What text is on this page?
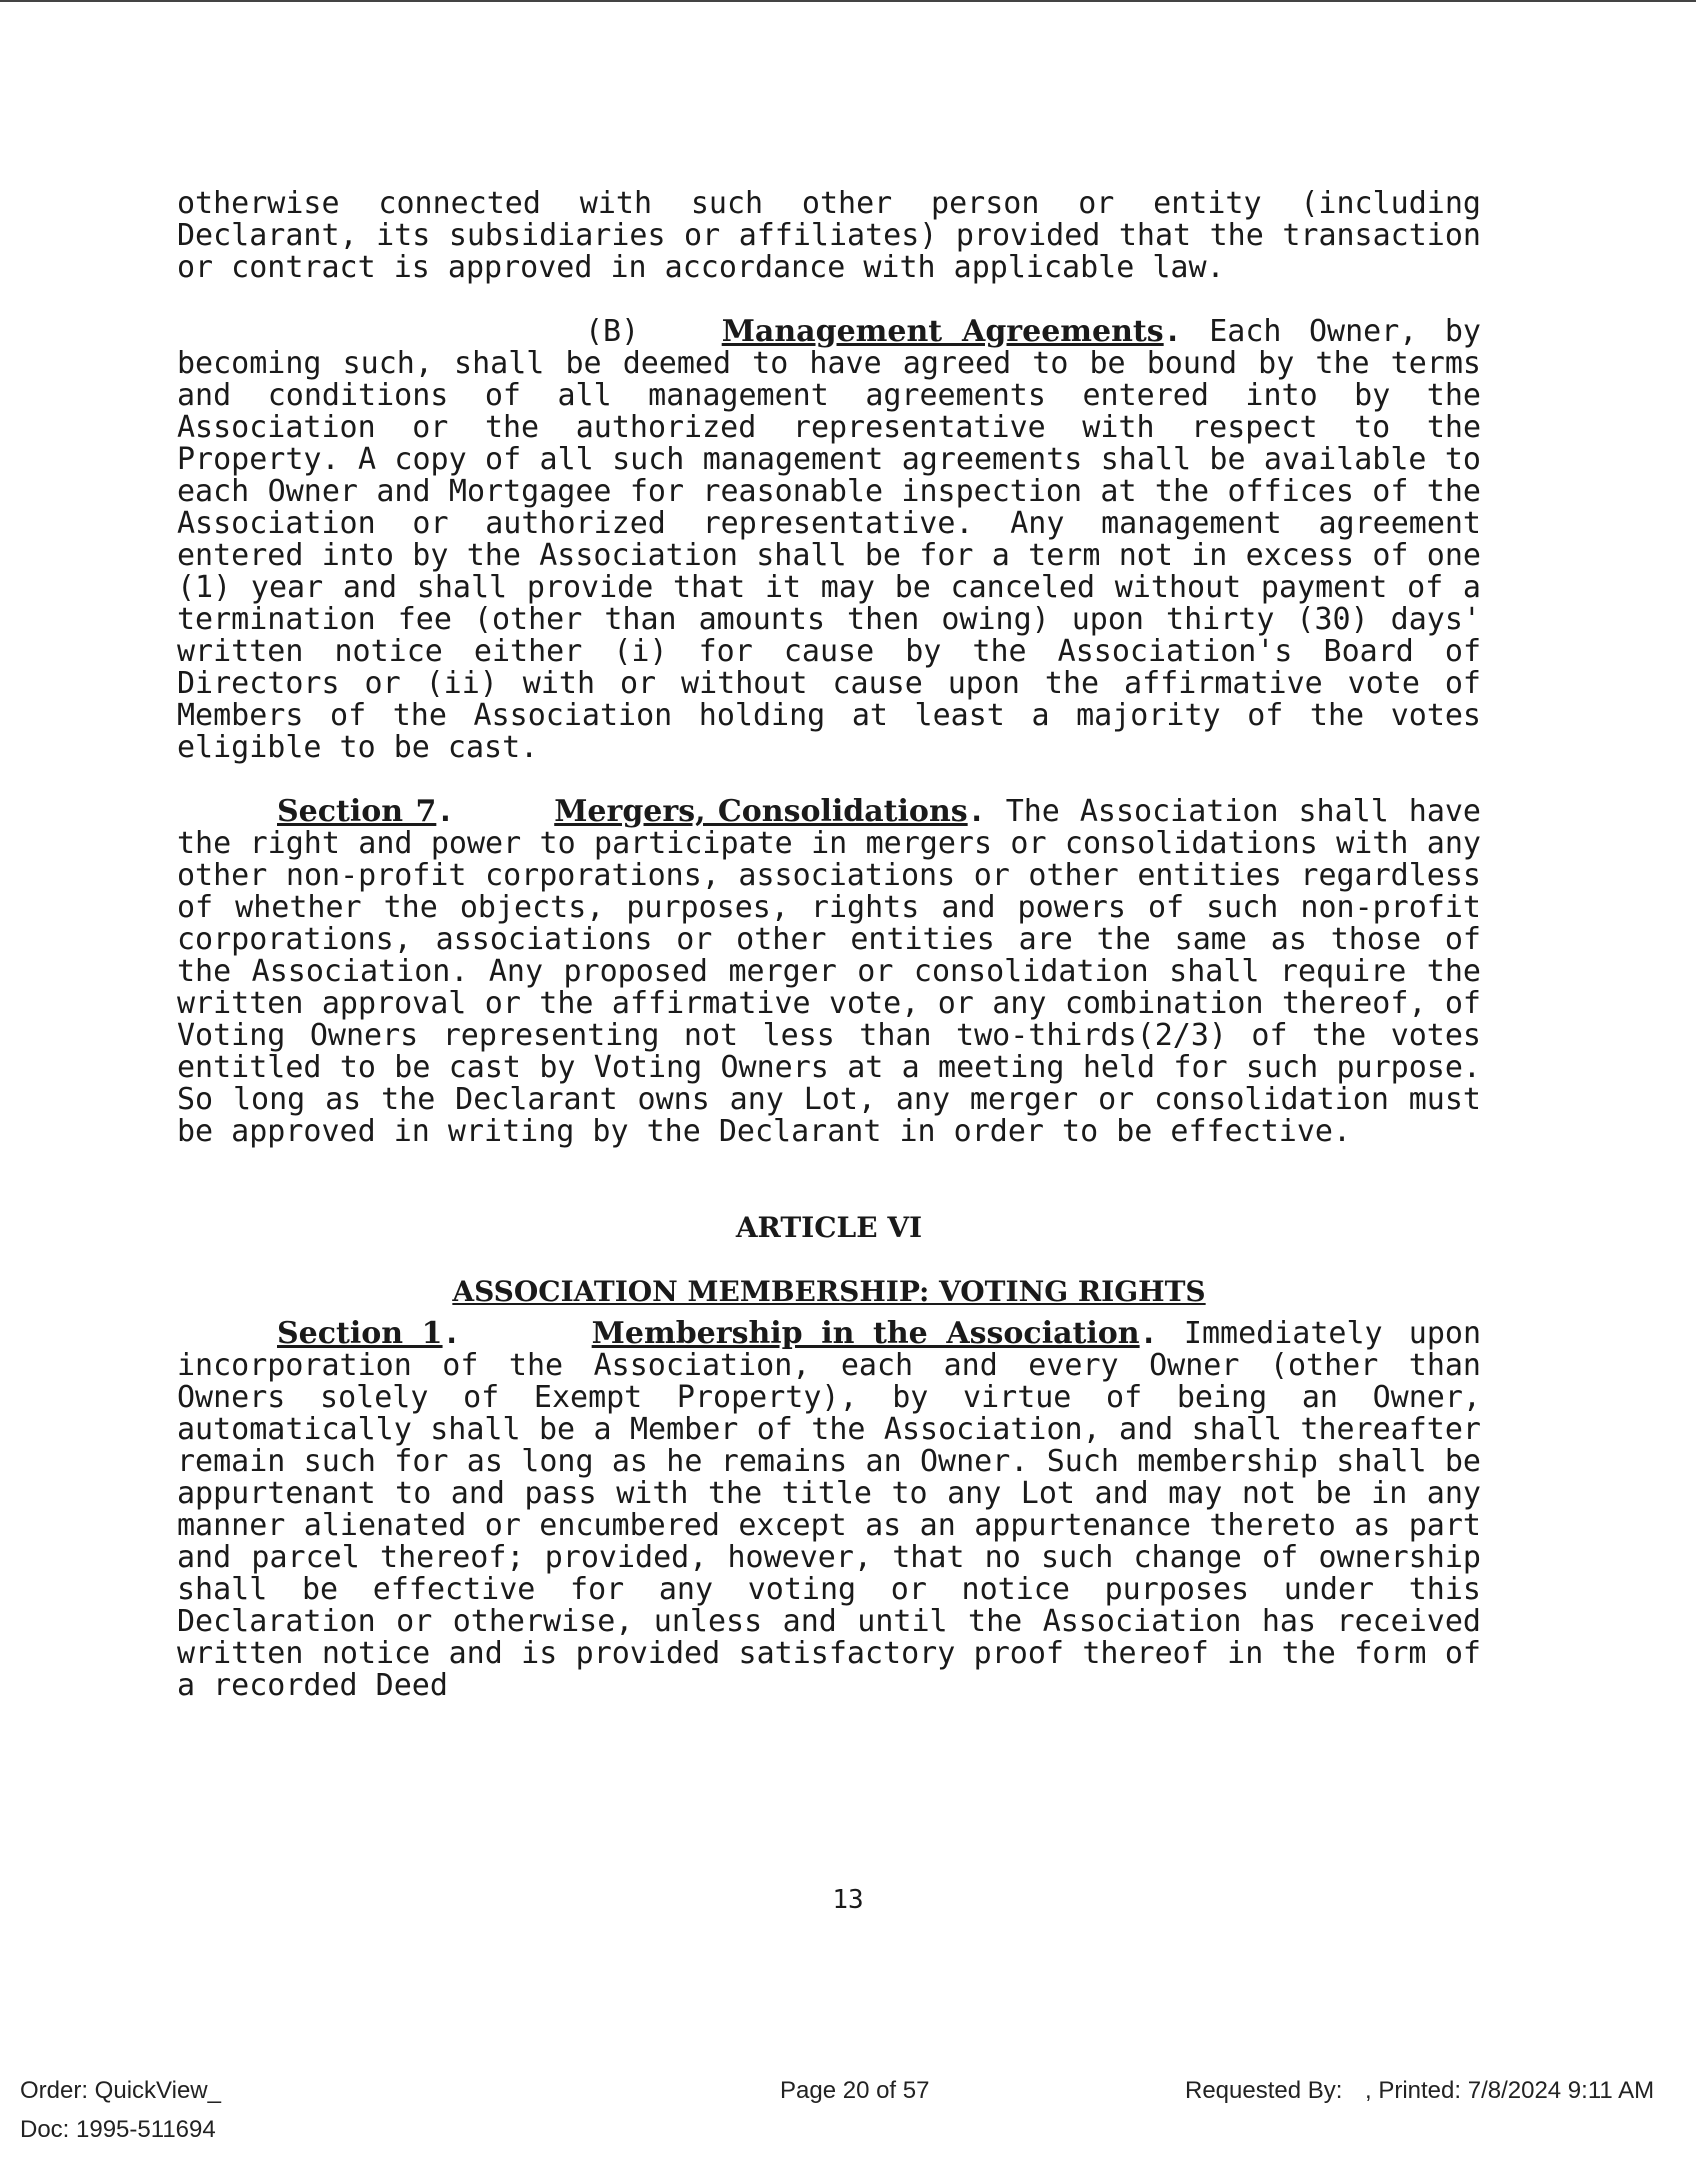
otherwise connected with such other person or entity (including Declarant, its subsidiaries or affiliates) provided that the transaction or contract is approved in accordance with applicable law.

(B)	Management Agreements. Each Owner, by becoming such, shall be deemed to have agreed to be bound by the terms and conditions of all management agreements entered into by the Association or the authorized representative with respect to the Property. A copy of all such management agreements shall be available to each Owner and Mortgagee for reasonable inspection at the offices of the Association or authorized representative. Any management agreement entered into by the Association shall be for a term not in excess of one (1) year and shall provide that it may be canceled without payment of a termination fee (other than amounts then owing) upon thirty (30) days' written notice either (i) for cause by the Association's Board of Directors or (ii) with or without cause upon the affirmative vote of Members of the Association holding at least a majority of the votes eligible to be cast.

Section 7.	Mergers, Consolidations. The Association shall have the right and power to participate in mergers or consolidations with any other non-profit corporations, associations or other entities regardless of whether the objects, purposes, rights and powers of such non-profit corporations, associations or other entities are the same as those of the Association. Any proposed merger or consolidation shall require the written approval or the affirmative vote, or any combination thereof, of Voting Owners representing not less than two-thirds(2/3) of the votes entitled to be cast by Voting Owners at a meeting held for such purpose. So long as the Declarant owns any Lot, any merger or consolidation must be approved in writing by the Declarant in order to be effective.

ARTICLE VI
ASSOCIATION MEMBERSHIP: VOTING RIGHTS

Section 1.	Membership in the Association. Immediately upon incorporation of the Association, each and every Owner (other than Owners solely of Exempt Property), by virtue of being an Owner, automatically shall be a Member of the Association, and shall thereafter remain such for as long as he remains an Owner. Such membership shall be appurtenant to and pass with the title to any Lot and may not be in any manner alienated or encumbered except as an appurtenance thereto as part and parcel thereof; provided, however, that no such change of ownership shall be effective for any voting or notice purposes under this Declaration or otherwise, unless and until the Association has received written notice and is provided satisfactory proof thereof in the form of a recorded Deed

13
Order: QuickView_
Doc: 1995-511694
Page 20 of 57	Requested By: , Printed: 7/8/2024 9:11 AM
